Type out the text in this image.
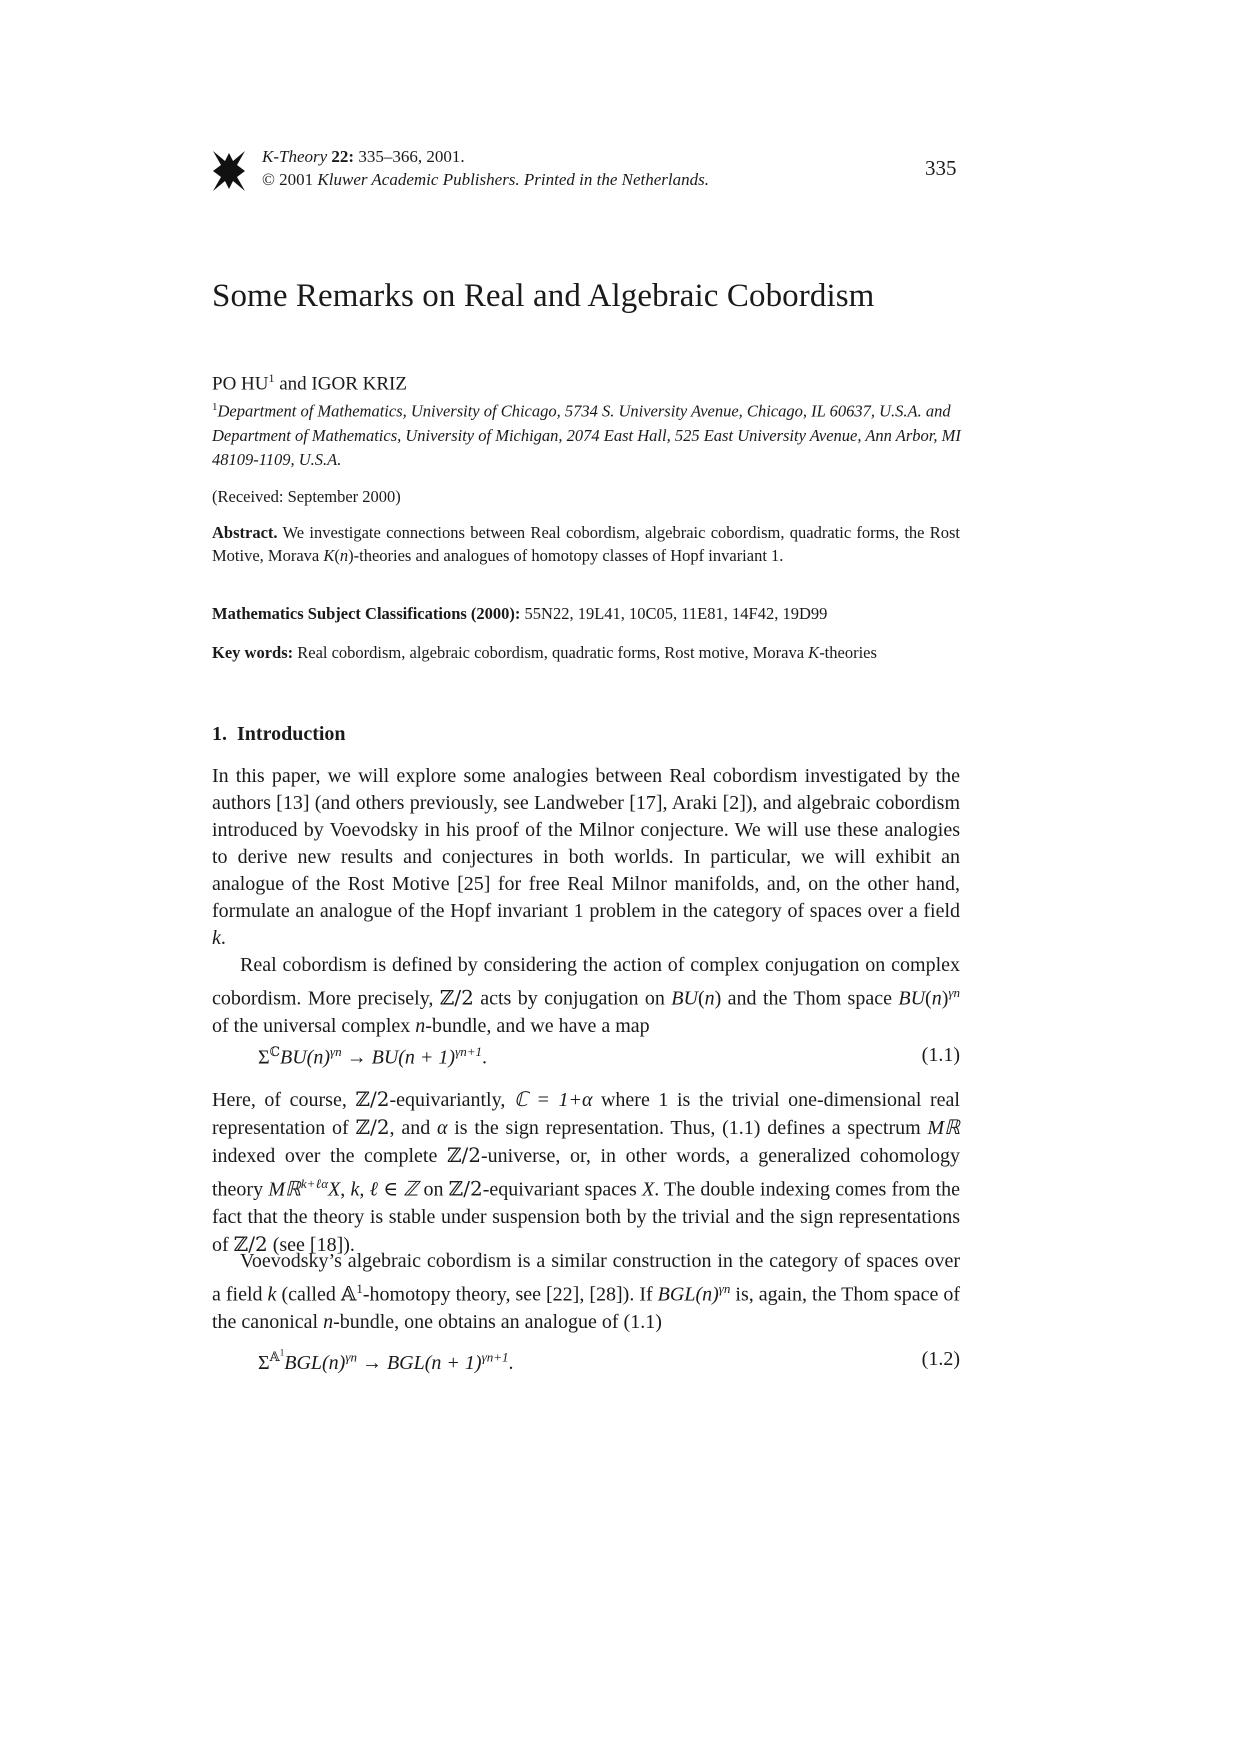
K-Theory 22: 335–366, 2001.
© 2001 Kluwer Academic Publishers. Printed in the Netherlands.	335
Some Remarks on Real and Algebraic Cobordism
PO $HU^1$ and IGOR KRIZ
$^1$Department of Mathematics, University of Chicago, 5734 S. University Avenue, Chicago, IL 60637, U.S.A. and Department of Mathematics, University of Michigan, 2074 East Hall, 525 East University Avenue, Ann Arbor, MI 48109-1109, U.S.A.
(Received: September 2000)
Abstract. We investigate connections between Real cobordism, algebraic cobordism, quadratic forms, the Rost Motive, Morava K(n)-theories and analogues of homotopy classes of Hopf invariant 1.
Mathematics Subject Classifications (2000): 55N22, 19L41, 10C05, 11E81, 14F42, 19D99
Key words: Real cobordism, algebraic cobordism, quadratic forms, Rost motive, Morava K-theories
1. Introduction
In this paper, we will explore some analogies between Real cobordism investigated by the authors [13] (and others previously, see Landweber [17], Araki [2]), and algebraic cobordism introduced by Voevodsky in his proof of the Milnor conjecture. We will use these analogies to derive new results and conjectures in both worlds. In particular, we will exhibit an analogue of the Rost Motive [25] for free Real Milnor manifolds, and, on the other hand, formulate an analogue of the Hopf invariant 1 problem in the category of spaces over a field k.
Real cobordism is defined by considering the action of complex conjugation on complex cobordism. More precisely, ℤ/2 acts by conjugation on BU(n) and the Thom space $BU(n)^{\gamma n}$ of the universal complex n-bundle, and we have a map
$\Sigma^ℂBU(n)^{\gamma n} \to BU(n + 1)^{\gamma n+1}$.	(1.1)
Here, of course, ℤ/2-equivariantly, ℂ = 1+α where 1 is the trivial one-dimensional real representation of ℤ/2, and α is the sign representation. Thus, (1.1) defines a spectrum Mℝ indexed over the complete ℤ/2-universe, or, in other words, a generalized cohomology theory Mℝ$^{k+\ell\alpha}$X, k, ℓ ∈ ℤ on ℤ/2-equivariant spaces X. The double indexing comes from the fact that the theory is stable under suspension both by the trivial and the sign representations of ℤ/2 (see [18]).
Voevodsky’s algebraic cobordism is a similar construction in the category of spaces over a field k (called 𝔸$^1$-homotopy theory, see [22], [28]). If $BGL(n)^{\gamma n}$ is, again, the Thom space of the canonical n-bundle, one obtains an analogue of (1.1)
$\Sigma^{𝔸^1}BGL(n)^{\gamma n} \to BGL(n + 1)^{\gamma n+1}$.	(1.2)
